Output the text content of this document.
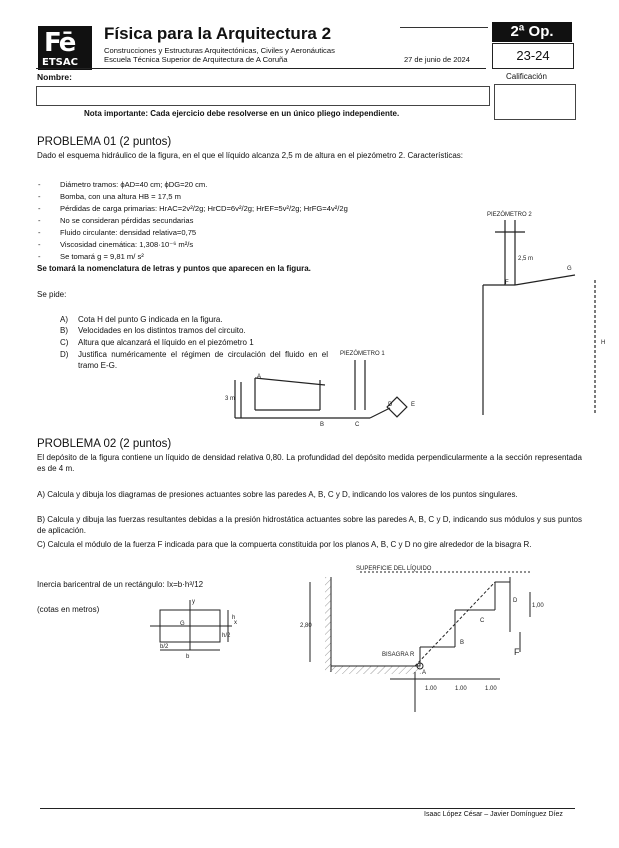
Fē
ETSAC
Física para la Arquitectura 2
Construcciones y Estructuras Arquitectónicas, Civiles y Aeronáuticas
Escuela Técnica Superior de Arquitectura de A Coruña	27 de junio de 2024
2ª Op.
23-24
Nombre:	Calificación
Nota importante: Cada ejercicio debe resolverse en un único pliego independiente.
PROBLEMA 01 (2 puntos)
Dado el esquema hidráulico de la figura, en el que el líquido alcanza 2,5 m de altura en el piezómetro 2. Características:
-	Diámetro tramos: ϕAD=40 cm; ϕDG=20 cm.
-	Bomba, con una altura HB = 17,5 m
-	Pérdidas de carga primarias: HrAC=2v²/2g; HrCD=6v²/2g; HrEF=5v²/2g; HrFG=4v²/2g
-	No se consideran pérdidas secundarias
-	Fluido circulante: densidad relativa=0,75
-	Viscosidad cinemática: 1,308·10⁻⁶ m²/s
-	Se tomará g = 9,81 m/ s²
Se tomará la nomenclatura de letras y puntos que aparecen en la figura.
Se pide:
A) Cota H del punto G indicada en la figura.
B) Velocidades en los distintos tramos del circuito.
C) Altura que alcanzará el líquido en el piezómetro 1
D) Justifica numéricamente el régimen de circulación del fluido en el tramo E-G.
PIEZÓMETRO 2
PIEZÓMETRO 1
2,5 m
3 m
H
A
B	C
D	E
F
G
PROBLEMA 02 (2 puntos)
El depósito de la figura contiene un líquido de densidad relativa 0,80. La profundidad del depósito medida perpendicularmente a la sección representada es de 4 m.
A) Calcula y dibuja los diagramas de presiones actuantes sobre las paredes A, B, C y D, indicando los valores de los puntos singulares.
B) Calcula y dibuja las fuerzas resultantes debidas a la presión hidrostática actuantes sobre las paredes A, B, C y D, indicando sus módulos y sus puntos de aplicación.
C) Calcula el módulo de la fuerza F indicada para que la compuerta constituida por los planos A, B, C y D no gire alrededor de la bisagra R.
Inercia baricentral de un rectángulo: Ix=b·h³/12
(cotas en metros)
G	x
y
h
h/2
b
b/2
SUPERFICIE DEL LÍQUIDO
BISAGRA R	F
2,80
1,00
1.00	1.00	1.00
A
B
C
D
Isaac López César – Javier Domínguez Díez
